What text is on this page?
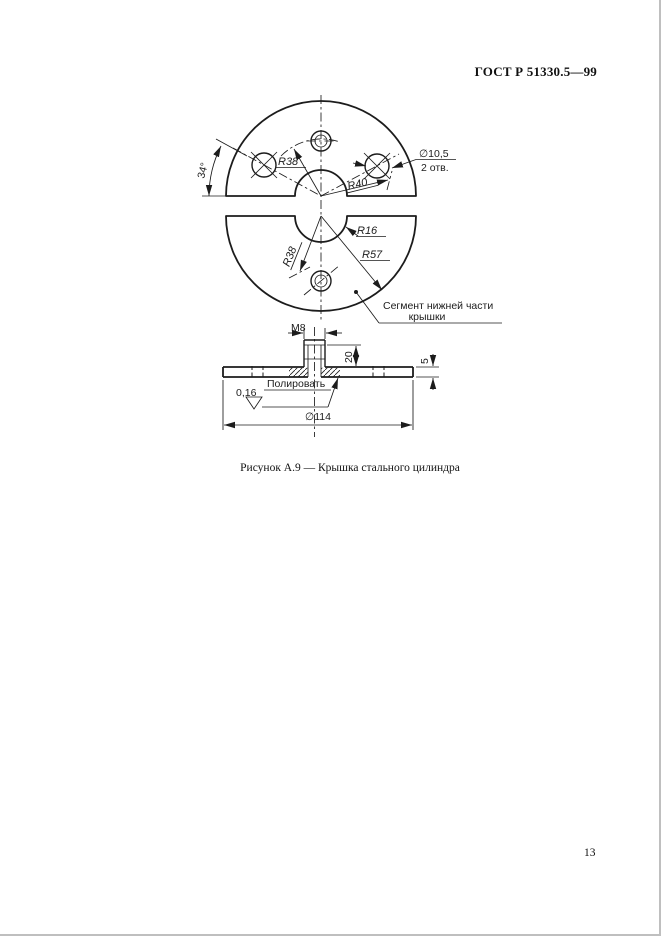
ГОСТ Р 51330.5—99
34°	R38
R40
∅10,5
2 отв.
R16
R57
R38
Сегмент нижней части
крышки
M8
20	5
0,16
Полировать
∅114
Рисунок А.9 — Крышка стального цилиндра
13
